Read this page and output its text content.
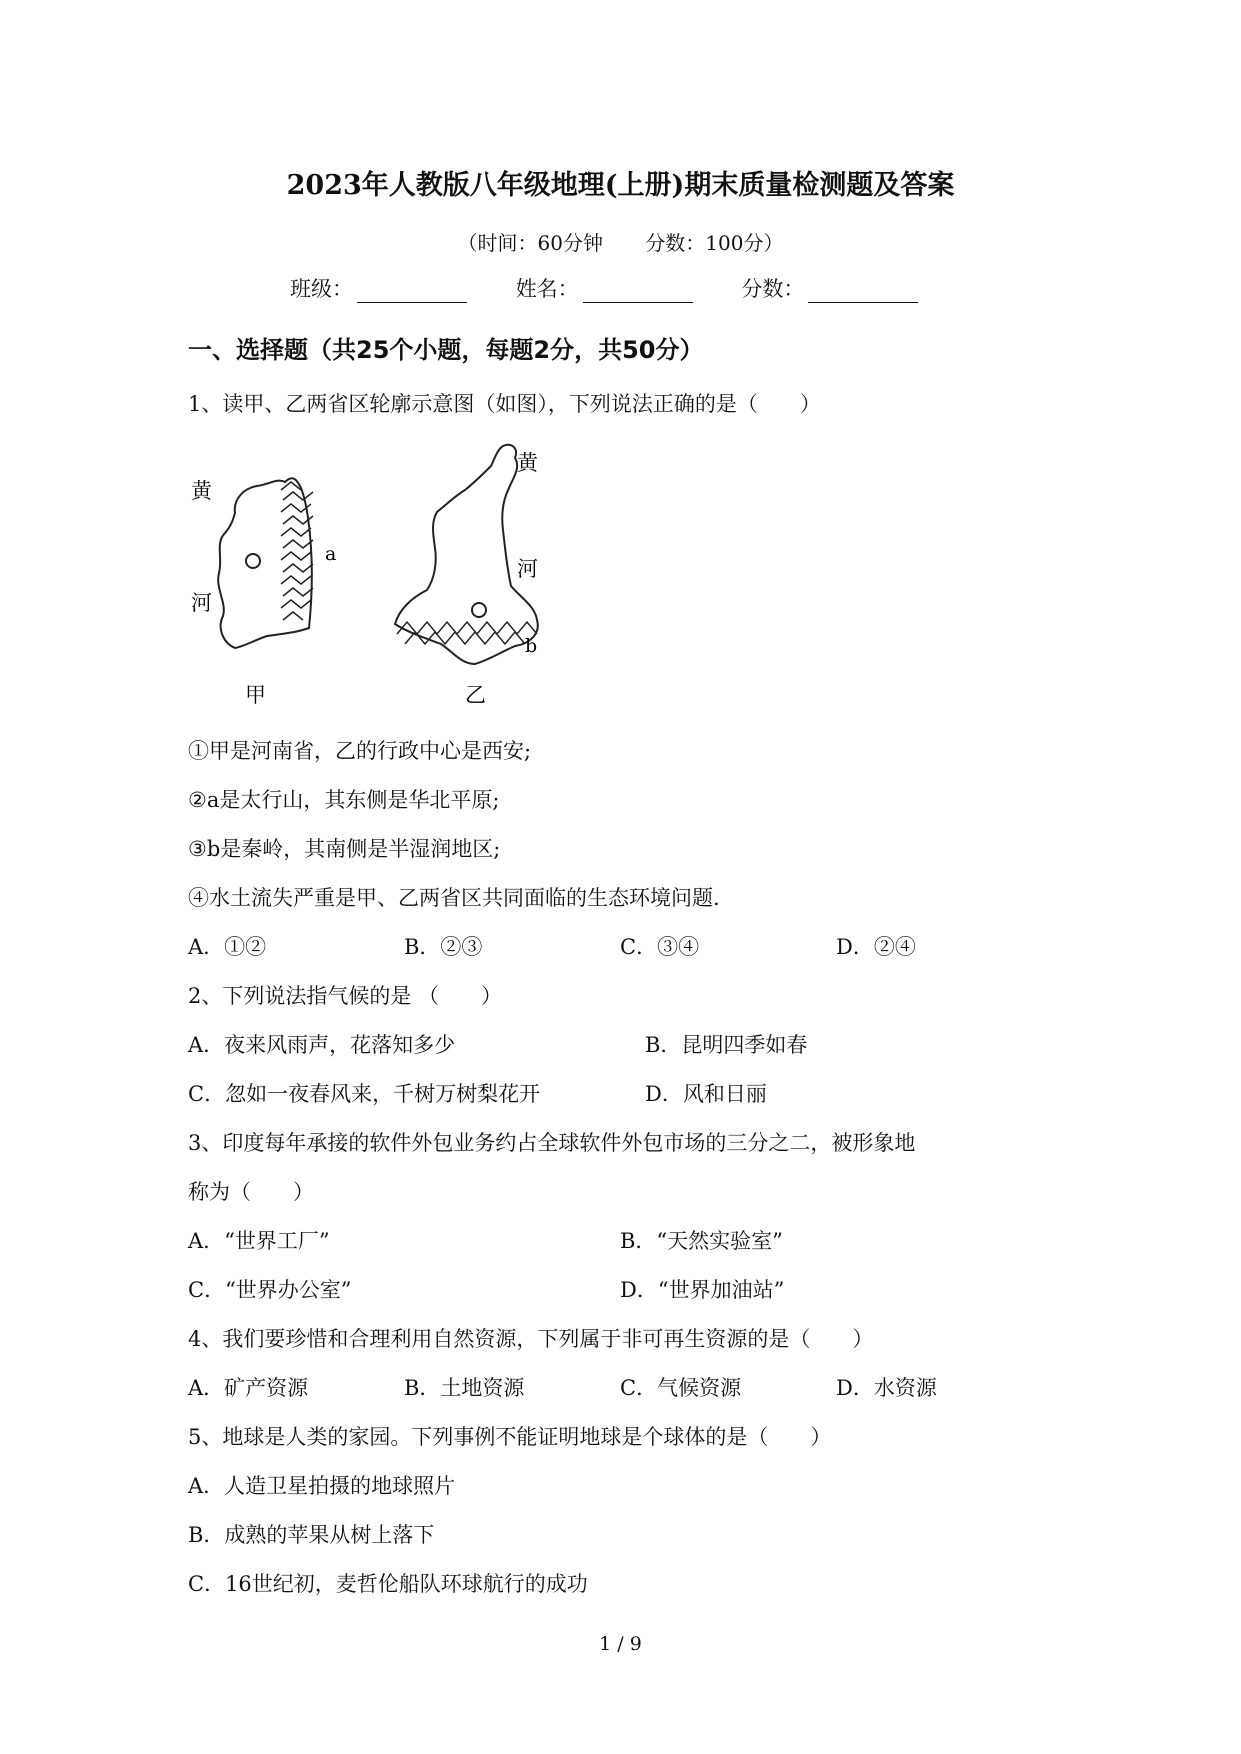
2023年人教版八年级地理(上册)期末质量检测题及答案
（时间：60分钟 分数：100分）
班级：	姓名：	分数：
一、选择题（共25个小题，每题2分，共50分）
1、读甲、乙两省区轮廓示意图（如图），下列说法正确的是（　　）
黄
a
河
甲
黄
河
b
乙
①甲是河南省，乙的行政中心是西安;
②a是太行山，其东侧是华北平原;
③b是秦岭，其南侧是半湿润地区;
④水土流失严重是甲、乙两省区共同面临的生态环境问题.
A．①②	B．②③	C．③④	D．②④
2、下列说法指气候的是 （　　）
A．夜来风雨声，花落知多少	B．昆明四季如春
C．忽如一夜春风来，千树万树梨花开	D．风和日丽
3、印度每年承接的软件外包业务约占全球软件外包市场的三分之二，被形象地
称为（　　）
A．“世界工厂”	B．“天然实验室”
C．“世界办公室”	D．“世界加油站”
4、我们要珍惜和合理利用自然资源，下列属于非可再生资源的是（　　）
A．矿产资源	B．土地资源	C．气候资源	D．水资源
5、地球是人类的家园。下列事例不能证明地球是个球体的是（　　）
A．人造卫星拍摄的地球照片
B．成熟的苹果从树上落下
C．16世纪初，麦哲伦船队环球航行的成功
1 / 9
